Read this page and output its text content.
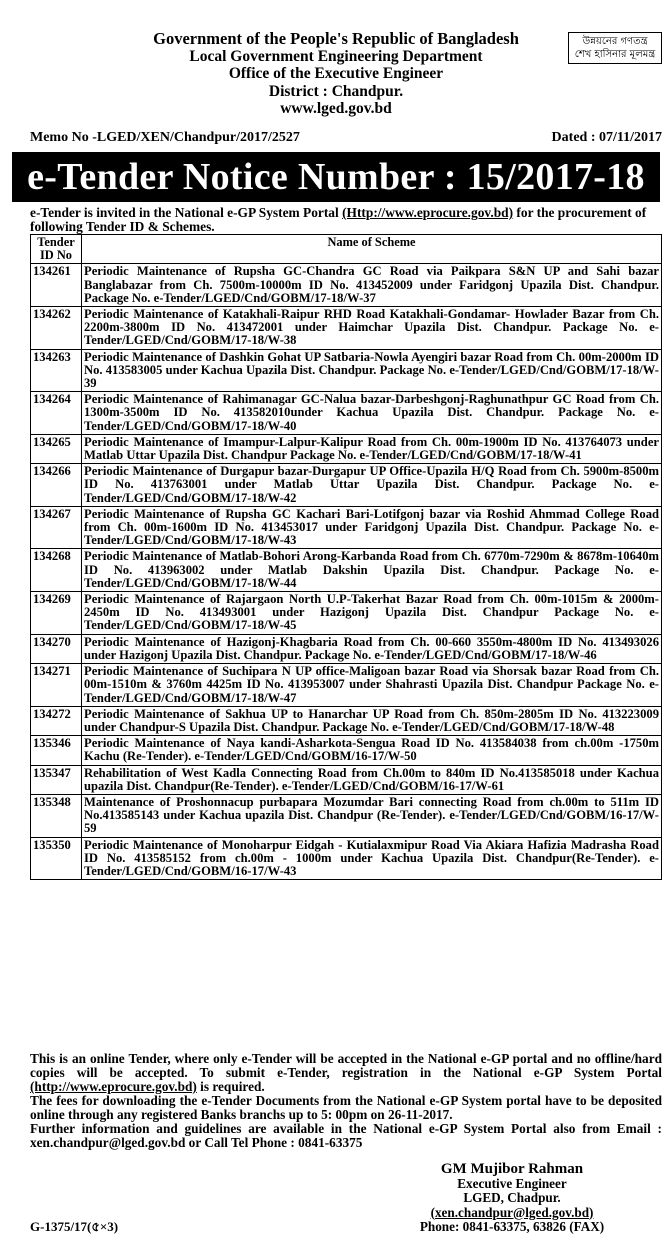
Government of the People's Republic of Bangladesh
Local Government Engineering Department
Office of the Executive Engineer
District : Chandpur.
www.lged.gov.bd
উন্নয়নের গণতন্ত্র
শেখ হাসিনার মূলমন্ত্র
Memo No -LGED/XEN/Chandpur/2017/2527	Dated : 07/11/2017
e-Tender Notice Number : 15/2017-18
e-Tender is invited in the National e-GP System Portal (Http://www.eprocure.gov.bd) for the procurement of following Tender ID & Schemes.
Tender ID No	Name of Scheme
134261	Periodic Maintenance of Rupsha GC-Chandra GC Road via Paikpara S&N UP and Sahi bazar Banglabazar from Ch. 7500m-10000m ID No. 413452009 under Faridgonj Upazila Dist. Chandpur. Package No. e-Tender/LGED/Cnd/GOBM/17-18/W-37
134262	Periodic Maintenance of Katakhali-Raipur RHD Road Katakhali-Gondamar- Howlader Bazar from Ch. 2200m-3800m ID No. 413472001 under Haimchar Upazila Dist. Chandpur. Package No. e-Tender/LGED/Cnd/GOBM/17-18/W-38
134263	Periodic Maintenance of Dashkin Gohat UP Satbaria-Nowla Ayengiri bazar Road from Ch. 00m-2000m ID No. 413583005 under Kachua Upazila Dist. Chandpur. Package No. e-Tender/LGED/Cnd/GOBM/17-18/W-39
134264	Periodic Maintenance of Rahimanagar GC-Nalua bazar-Darbeshgonj-Raghunathpur GC Road from Ch. 1300m-3500m ID No. 413582010under Kachua Upazila Dist. Chandpur. Package No. e-Tender/LGED/Cnd/GOBM/17-18/W-40
134265	Periodic Maintenance of Imampur-Lalpur-Kalipur Road from Ch. 00m-1900m ID No. 413764073 under Matlab Uttar Upazila Dist. Chandpur Package No. e-Tender/LGED/Cnd/GOBM/17-18/W-41
134266	Periodic Maintenance of Durgapur bazar-Durgapur UP Office-Upazila H/Q Road from Ch. 5900m-8500m ID No. 413763001 under Matlab Uttar Upazila Dist. Chandpur. Package No. e-Tender/LGED/Cnd/GOBM/17-18/W-42
134267	Periodic Maintenance of Rupsha GC Kachari Bari-Lotifgonj bazar via Roshid Ahmmad College Road from Ch. 00m-1600m ID No. 413453017 under Faridgonj Upazila Dist. Chandpur. Package No. e-Tender/LGED/Cnd/GOBM/17-18/W-43
134268	Periodic Maintenance of Matlab-Bohori Arong-Karbanda Road from Ch. 6770m-7290m & 8678m-10640m ID No. 413963002 under Matlab Dakshin Upazila Dist. Chandpur. Package No. e-Tender/LGED/Cnd/GOBM/17-18/W-44
134269	Periodic Maintenance of Rajargaon North U.P-Takerhat Bazar Road from Ch. 00m-1015m & 2000m-2450m ID No. 413493001 under Hazigonj Upazila Dist. Chandpur Package No. e-Tender/LGED/Cnd/GOBM/17-18/W-45
134270	Periodic Maintenance of Hazigonj-Khagbaria Road from Ch. 00-660 3550m-4800m ID No. 413493026 under Hazigonj Upazila Dist. Chandpur. Package No. e-Tender/LGED/Cnd/GOBM/17-18/W-46
134271	Periodic Maintenance of Suchipara N UP office-Maligoan bazar Road via Shorsak bazar Road from Ch. 00m-1510m & 3760m 4425m ID No. 413953007 under Shahrasti Upazila Dist. Chandpur Package No. e-Tender/LGED/Cnd/GOBM/17-18/W-47
134272	Periodic Maintenance of Sakhua UP to Hanarchar UP Road from Ch. 850m-2805m ID No. 413223009 under Chandpur-S Upazila Dist. Chandpur. Package No. e-Tender/LGED/Cnd/GOBM/17-18/W-48
135346	Periodic Maintenance of Naya kandi-Asharkota-Sengua Road ID No. 413584038 from ch.00m -1750m Kachu (Re-Tender). e-Tender/LGED/Cnd/GOBM/16-17/W-50
135347	Rehabilitation of West Kadla Connecting Road from Ch.00m to 840m ID No.413585018 under Kachua upazila Dist. Chandpur(Re-Tender). e-Tender/LGED/Cnd/GOBM/16-17/W-61
135348	Maintenance of Proshonnacup purbapara Mozumdar Bari connecting Road from ch.00m to 511m ID No.413585143 under Kachua upazila Dist. Chandpur (Re-Tender). e-Tender/LGED/Cnd/GOBM/16-17/W-59
135350	Periodic Maintenance of Monoharpur Eidgah - Kutialaxmipur Road Via Akiara Hafizia Madrasha Road ID No. 413585152 from ch.00m - 1000m under Kachua Upazila Dist. Chandpur(Re-Tender). e-Tender/LGED/Cnd/GOBM/16-17/W-43
This is an online Tender, where only e-Tender will be accepted in the National e-GP portal and no offline/hard copies will be accepted. To submit e-Tender, registration in the National e-GP System Portal (http://www.eprocure.gov.bd) is required.
The fees for downloading the e-Tender Documents from the National e-GP System portal have to be deposited online through any registered Banks branchs up to 5: 00pm on 26-11-2017.
Further information and guidelines are available in the National e-GP System Portal also from Email : xen.chandpur@lged.gov.bd or Call Tel Phone : 0841-63375
GM Mujibor Rahman
Executive Engineer
LGED, Chadpur.
(xen.chandpur@lged.gov.bd)
Phone: 0841-63375, 63826 (FAX)
G-1375/17(৫×3)
